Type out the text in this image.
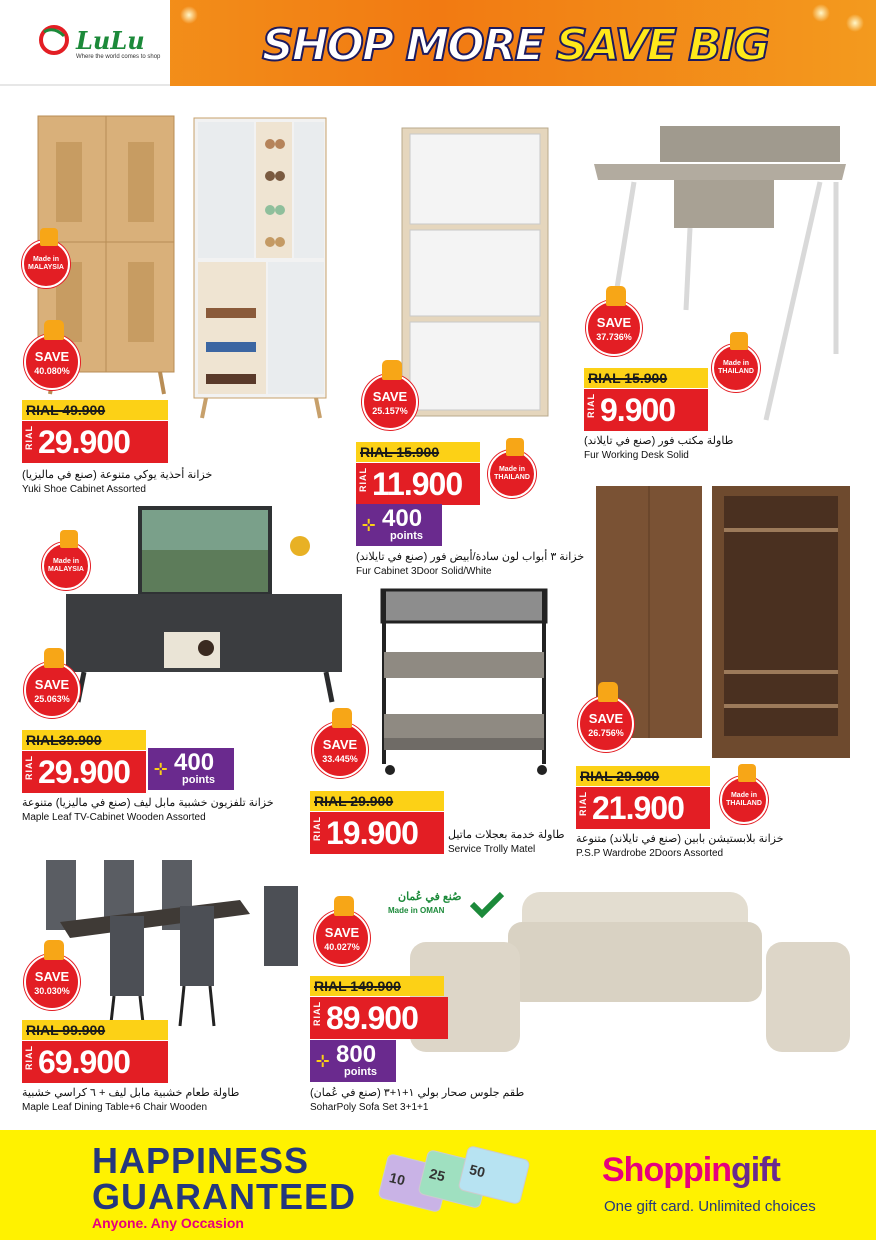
LuLu
Where the world comes to shop SHOP MORE SAVE BIG
Made in
MALAYSIA
SAVE
40.080%
RIAL 49.900
RIAL 29.900
خزانة أحذية يوكي متنوعة (صنع في ماليزيا)
Yuki Shoe Cabinet Assorted
SAVE
25.157%
Made in
THAILAND
RIAL 15.900
RIAL 11.900
⊹ 400
points
خزانة ٣ أبواب لون سادة/أبيض فور (صنع في تايلاند)
Fur Cabinet 3Door Solid/White
SAVE
37.736%
Made in
THAILAND
RIAL 15.900
RIAL 9.900
طاولة مكتب فور (صنع في تايلاند)
Fur Working Desk Solid
Made in
MALAYSIA
SAVE
25.063%
RIAL39.900
RIAL 29.900 ⊹ 400
points
خزانة تلفزيون خشبية مابل ليف (صنع في ماليزيا) متنوعة
Maple Leaf TV-Cabinet Wooden Assorted
SAVE
33.445%
RIAL 29.900
RIAL 19.900	طاولة خدمة بعجلات ماتيل
Service Trolly Matel
SAVE
26.756%
Made in
THAILAND
RIAL 29.900
RIAL 21.900
خزانة بلابستيشن بابين (صنع في تايلاند) متنوعة
P.S.P Wardrobe 2Doors Assorted
SAVE
30.030%
RIAL 99.900
RIAL 69.900
طاولة طعام خشبية مابل ليف + ٦ كراسي خشبية
Maple Leaf Dining Table+6 Chair Wooden
صُنع في عُمان
Made in OMAN
SAVE
40.027%
RIAL 149.900
RIAL 89.900
⊹ 800
points
طقم جلوس صحار بولي ١+١+٣ (صنع في عُمان)
SoharPoly Sofa Set 3+1+1
HAPPINESS
GUARANTEED
Anyone. Any Occasion
10 25 50	Shoppingift
One gift card. Unlimited choices
